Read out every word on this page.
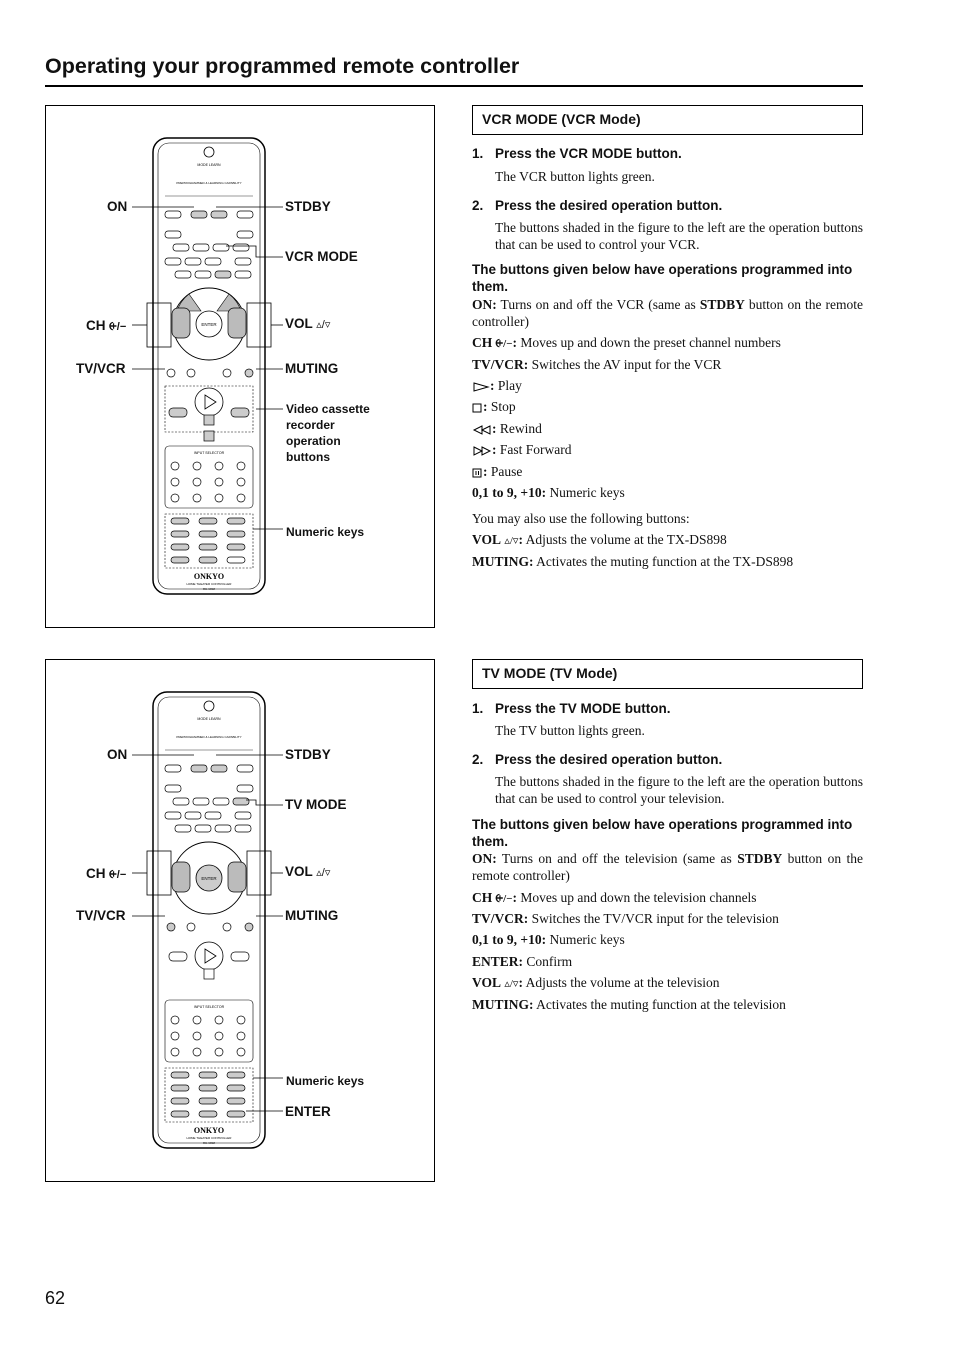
Operating your programmed remote controller
MODE LEARN
PREPROGRAMMED & LEARNING CAPABILITY
ENTER
INPUT SELECTOR
ONKYO
HOME THEATER CONTROLLER
RC-446M
ON	STDBY
VCR MODE
CH ⨭/−	VOL ▵/▿
TV/VCR	MUTING
Video cassette recorder operation buttons
Numeric keys
MODE LEARN
PREPROGRAMMED & LEARNING CAPABILITY
ENTER
INPUT SELECTOR
ONKYO
HOME THEATER CONTROLLER
RC-446M
ON	STDBY
TV MODE
CH ⨭/−	VOL ▵/▿
TV/VCR	MUTING
Numeric keys
ENTER
VCR MODE (VCR Mode)
1. Press the VCR MODE button.
The VCR button lights green.
2. Press the desired operation button.
The buttons shaded in the figure to the left are the operation buttons that can be used to control your VCR.
The buttons given below have operations programmed into them.
ON: Turns on and off the VCR (same as STDBY button on the remote controller)
CH ⨭/−: Moves up and down the preset channel numbers
TV/VCR: Switches the AV input for the VCR
: Play
: Stop
: Rewind
: Fast Forward
: Pause
0,1 to 9, +10: Numeric keys
You may also use the following buttons:
VOL ▵/▿: Adjusts the volume at the TX-DS898
MUTING: Activates the muting function at the TX-DS898
TV MODE (TV Mode)
1. Press the TV MODE button.
The TV button lights green.
2. Press the desired operation button.
The buttons shaded in the figure to the left are the operation buttons that can be used to control your television.
The buttons given below have operations programmed into them.
ON: Turns on and off the television (same as STDBY button on the remote controller)
CH ⨭/−: Moves up and down the television channels
TV/VCR: Switches the TV/VCR input for the television
0,1 to 9, +10: Numeric keys
ENTER: Confirm
VOL ▵/▿: Adjusts the volume at the television
MUTING: Activates the muting function at the television
62
